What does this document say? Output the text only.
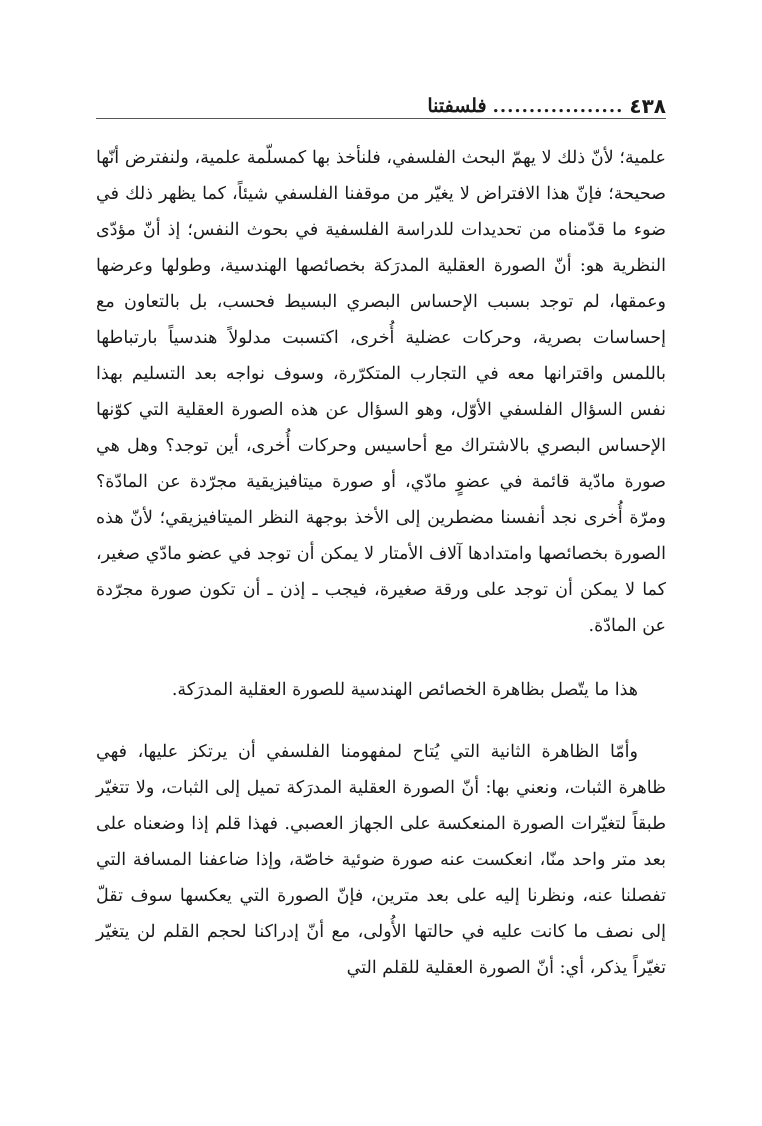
٤٣٨
..................
فلسفتنا

علمية؛ لأنّ ذلك لا يهمّ البحث الفلسفي، فلنأخذ بها كمسلّمة علمية، ولنفترض أنّها صحيحة؛ فإنّ هذا الافتراض لا يغيّر من موقفنا الفلسفي شيئاً، كما يظهر ذلك في ضوء ما قدّمناه من تحديدات للدراسة الفلسفية في بحوث النفس؛ إذ أنّ مؤدّى النظرية هو: أنّ الصورة العقلية المدرَكة بخصائصها الهندسية، وطولها وعرضها وعمقها، لم توجد بسبب الإحساس البصري البسيط فحسب، بل بالتعاون مع إحساسات بصرية، وحركات عضلية أُخرى، اكتسبت مدلولاً هندسياً بارتباطها باللمس واقترانها معه في التجارب المتكرّرة، وسوف نواجه بعد التسليم بهذا نفس السؤال الفلسفي الأوّل، وهو السؤال عن هذه الصورة العقلية التي كوّنها الإحساس البصري بالاشتراك مع أحاسيس وحركات أُخرى، أين توجد؟ وهل هي صورة مادّية قائمة في عضوٍ مادّي، أو صورة ميتافيزيقية مجرّدة عن المادّة؟ ومرّة أُخرى نجد أنفسنا مضطرين إلى الأخذ بوجهة النظر الميتافيزيقي؛ لأنّ هذه الصورة بخصائصها وامتدادها آلاف الأمتار لا يمكن أن توجد في عضو مادّي صغير، كما لا يمكن أن توجد على ورقة صغيرة، فيجب ـ إذن ـ أن تكون صورة مجرّدة عن المادّة.

هذا ما يتّصل بظاهرة الخصائص الهندسية للصورة العقلية المدرَكة.

وأمّا الظاهرة الثانية التي يُتاح لمفهومنا الفلسفي أن يرتكز عليها، فهي ظاهرة الثبات، ونعني بها: أنّ الصورة العقلية المدرَكة تميل إلى الثبات، ولا تتغيّر طبقاً لتغيّرات الصورة المنعكسة على الجهاز العصبي. فهذا قلم إذا وضعناه على بعد متر واحد منّا، انعكست عنه صورة ضوئية خاصّة، وإذا ضاعفنا المسافة التي تفصلنا عنه، ونظرنا إليه على بعد مترين، فإنّ الصورة التي يعكسها سوف تقلّ إلى نصف ما كانت عليه في حالتها الأُولى، مع أنّ إدراكنا لحجم القلم لن يتغيّر تغيّراً يذكر، أي: أنّ الصورة العقلية للقلم التي
